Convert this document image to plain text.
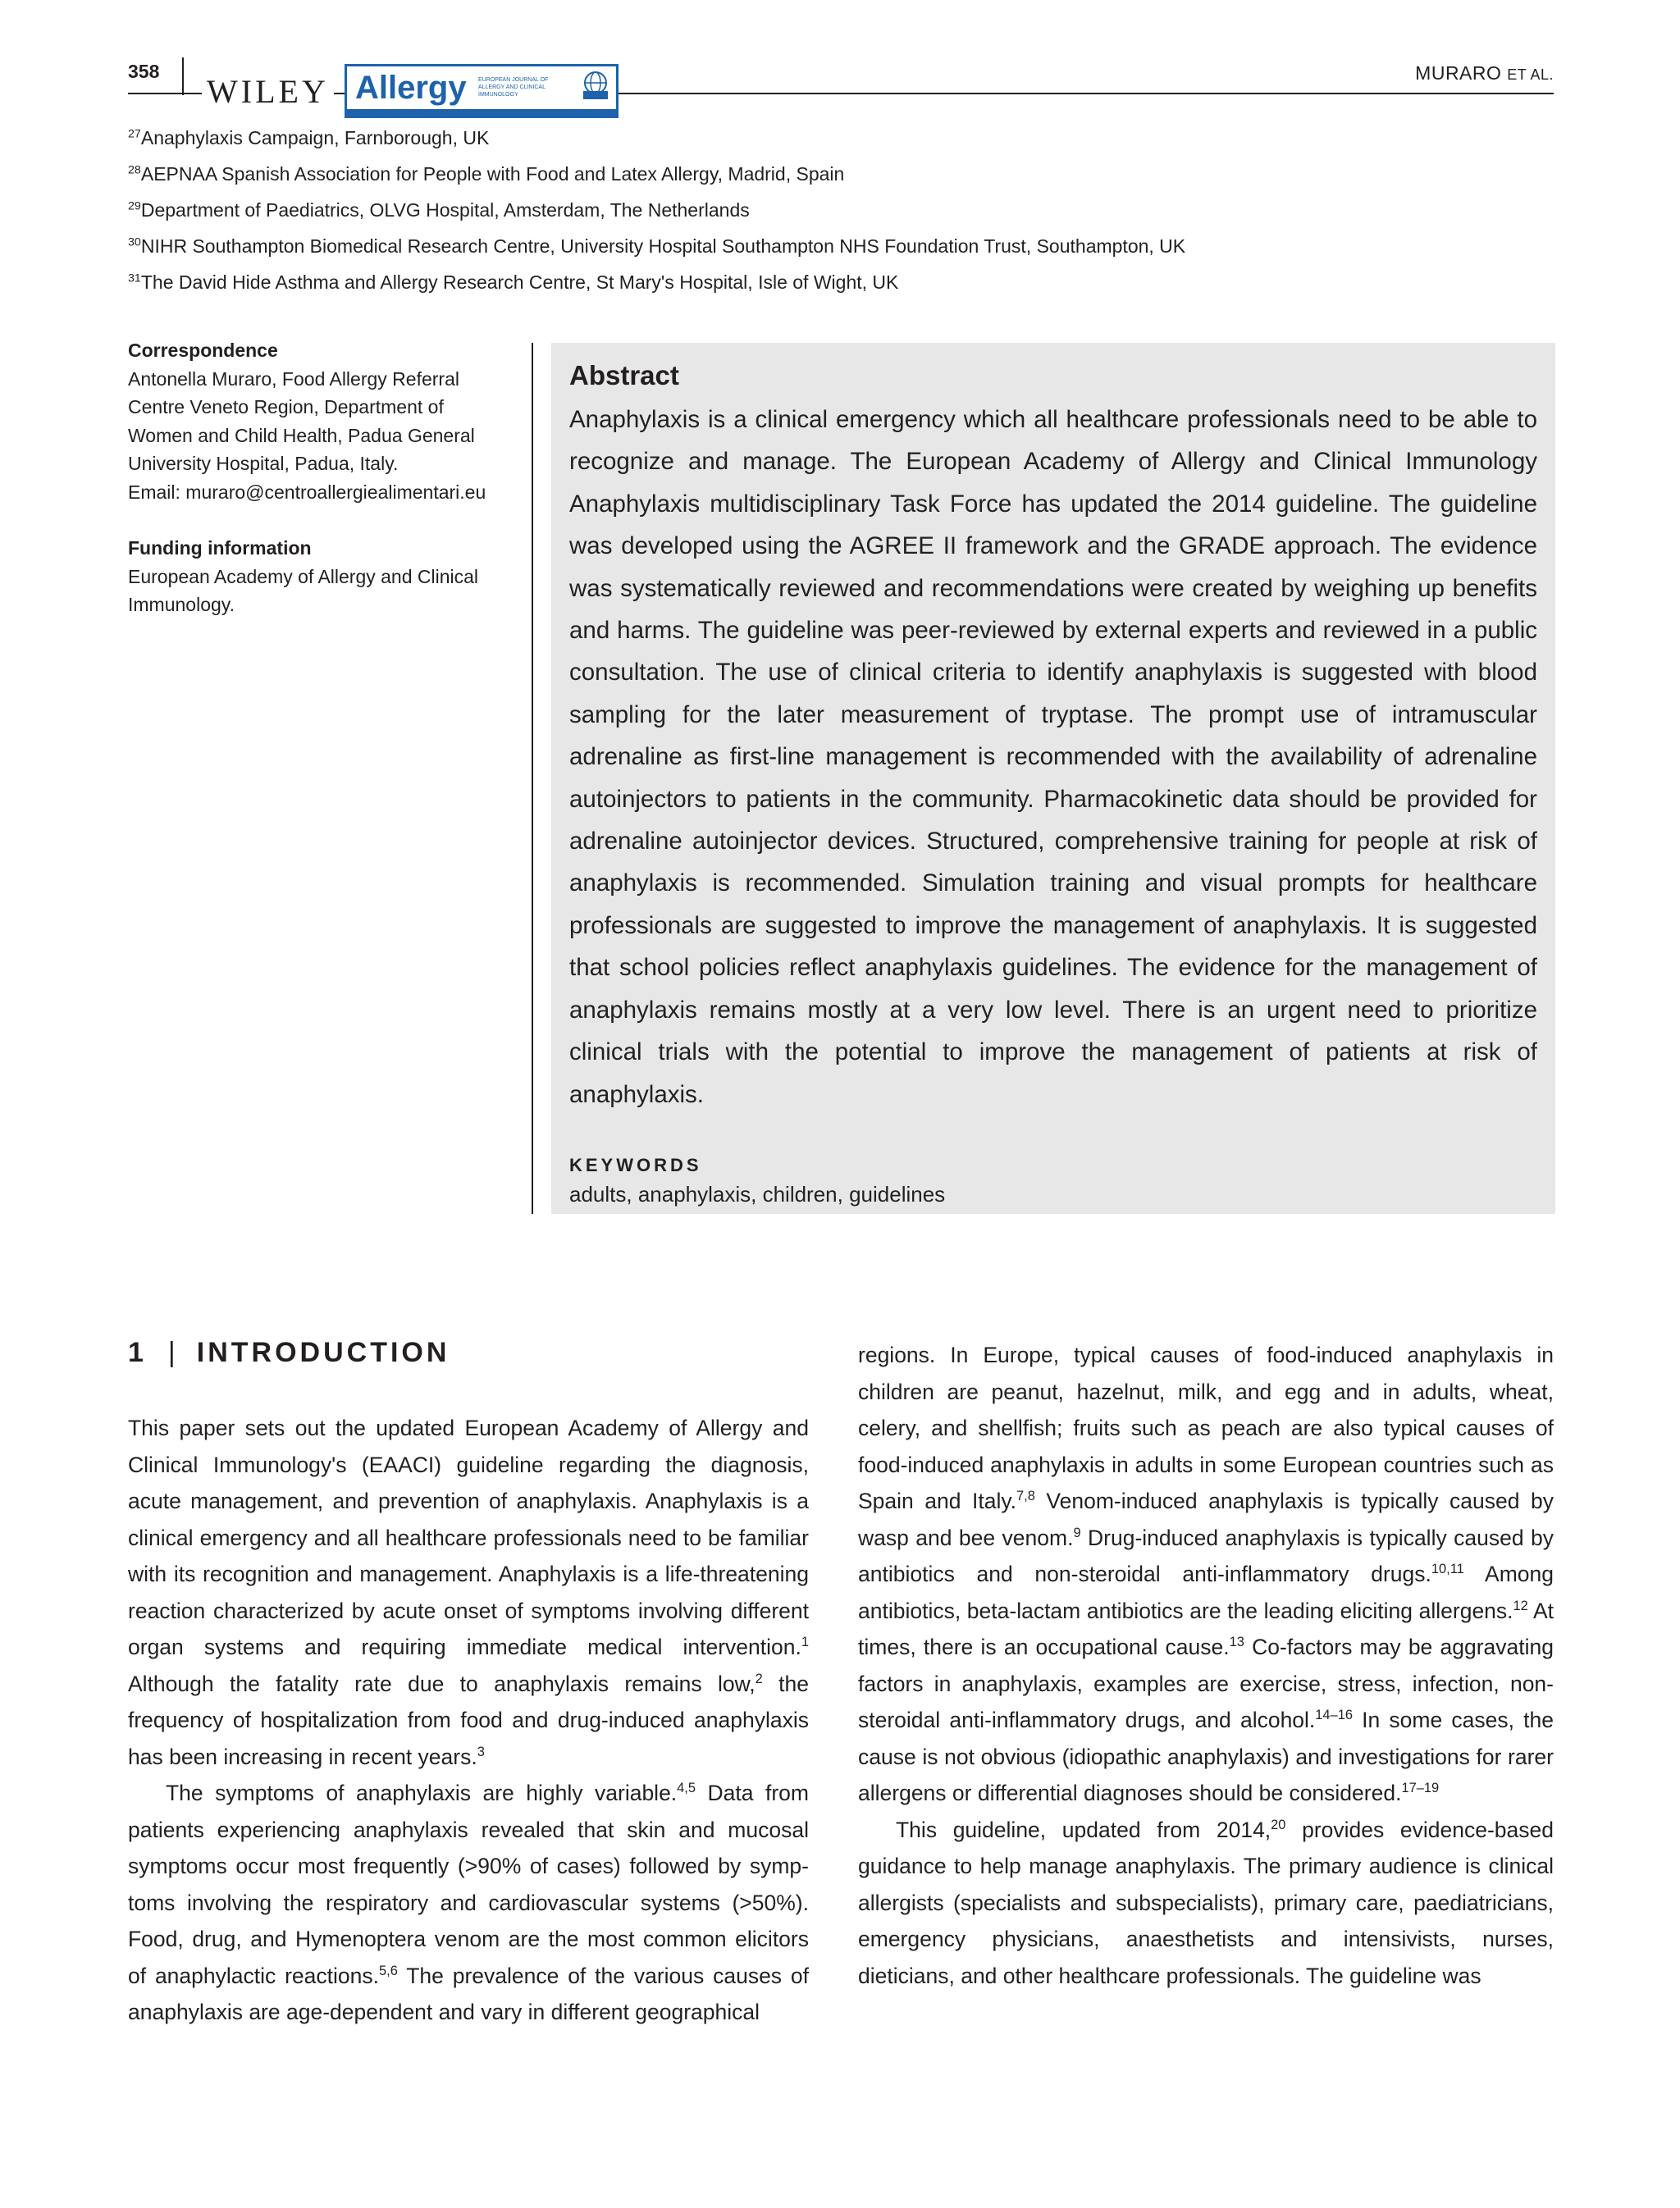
358
WILEY Allergy EUROPEAN JOURNAL OF ALLERGY AND CLINICAL IMMUNOLOGY
MURARO ET AL.
$^{27}$Anaphylaxis Campaign, Farnborough, UK
$^{28}$AEPNAA Spanish Association for People with Food and Latex Allergy, Madrid, Spain
$^{29}$Department of Paediatrics, OLVG Hospital, Amsterdam, The Netherlands
$^{30}$NIHR Southampton Biomedical Research Centre, University Hospital Southampton NHS Foundation Trust, Southampton, UK
$^{31}$The David Hide Asthma and Allergy Research Centre, St Mary's Hospital, Isle of Wight, UK
Correspondence

Antonella Muraro, Food Allergy Referral

Centre Veneto Region, Department of

Women and Child Health, Padua General

University Hospital, Padua, Italy.

Email: muraro@centroallergiealimentari.eu

Funding information

European Academy of Allergy and Clinical

Immunology.

Abstract
Anaphylaxis is a clinical emergency which all healthcare professionals need to be able to recognize and manage. The European Academy of Allergy and Clinical Immunology Anaphylaxis multidisciplinary Task Force has updated the 2014 guideline. The guideline was developed using the AGREE II framework and the GRADE approach. The evidence was systematically reviewed and recommendations were created by weighing up benefits and harms. The guideline was peer-reviewed by external experts and reviewed in a public consultation. The use of clinical criteria to identify anaphylaxis is suggested with blood sampling for the later measurement of tryptase. The prompt use of intramuscular adrenaline as first-line management is recommended with the availability of adrenaline autoinjectors to patients in the community. Pharmacokinetic data should be provided for adrenaline autoinjector devices. Structured, comprehensive training for people at risk of anaphylaxis is recommended. Simulation training and visual prompts for healthcare professionals are suggested to improve the management of anaphylaxis. It is suggested that school policies reflect anaphylaxis guidelines. The evidence for the management of anaphylaxis remains mostly at a very low level. There is an urgent need to prioritize clinical trials with the potential to improve the management of patients at risk of anaphylaxis.
KEYWORDS
adults, anaphylaxis, children, guidelines
1 | INTRODUCTION

This paper sets out the updated European Academy of Allergy and Clinical Immunology's (EAACI) guideline regarding the diagnosis, acute management, and prevention of anaphylaxis. Anaphylaxis is a clinical emergency and all healthcare professionals need to be familiar with its recognition and management. Anaphylaxis is a life-threatening reaction characterized by acute onset of symptoms involving different organ systems and requiring immediate medical intervention.$^1$ Although the fatality rate due to anaphylaxis remains low,$^2$ the frequency of hospitalization from food and drug-induced anaphylaxis has been increasing in recent years.$^3$

The symptoms of anaphylaxis are highly variable.$^{4,5}$ Data from patients experiencing anaphylaxis revealed that skin and mucosal symptoms occur most frequently (>90% of cases) followed by symptoms involving the respiratory and cardiovascular systems (>50%). Food, drug, and Hymenoptera venom are the most common elicitors of anaphylactic reactions.$^{5,6}$ The prevalence of the various causes of anaphylaxis are age-dependent and vary in different geographical

regions. In Europe, typical causes of food-induced anaphylaxis in children are peanut, hazelnut, milk, and egg and in adults, wheat, celery, and shellfish; fruits such as peach are also typical causes of food-induced anaphylaxis in adults in some European countries such as Spain and Italy.$^{7,8}$ Venom-induced anaphylaxis is typically caused by wasp and bee venom.$^9$ Drug-induced anaphylaxis is typically caused by antibiotics and non-steroidal anti-inflammatory drugs.$^{10,11}$ Among antibiotics, beta-lactam antibiotics are the leading eliciting allergens.$^{12}$ At times, there is an occupational cause.$^{13}$ Co-factors may be aggravating factors in anaphylaxis, examples are exercise, stress, infection, non-steroidal anti-inflammatory drugs, and alcohol.$^{14-16}$ In some cases, the cause is not obvious (idiopathic anaphylaxis) and investigations for rarer allergens or differential diagnoses should be considered.$^{17-19}$

This guideline, updated from 2014,20 provides evidence-based guidance to help manage anaphylaxis. The primary audience is clinical allergists (specialists and subspecialists), primary care, paediatricians, emergency physicians, anaesthetists and intensivists, nurses, dieticians, and other healthcare professionals. The guideline was
